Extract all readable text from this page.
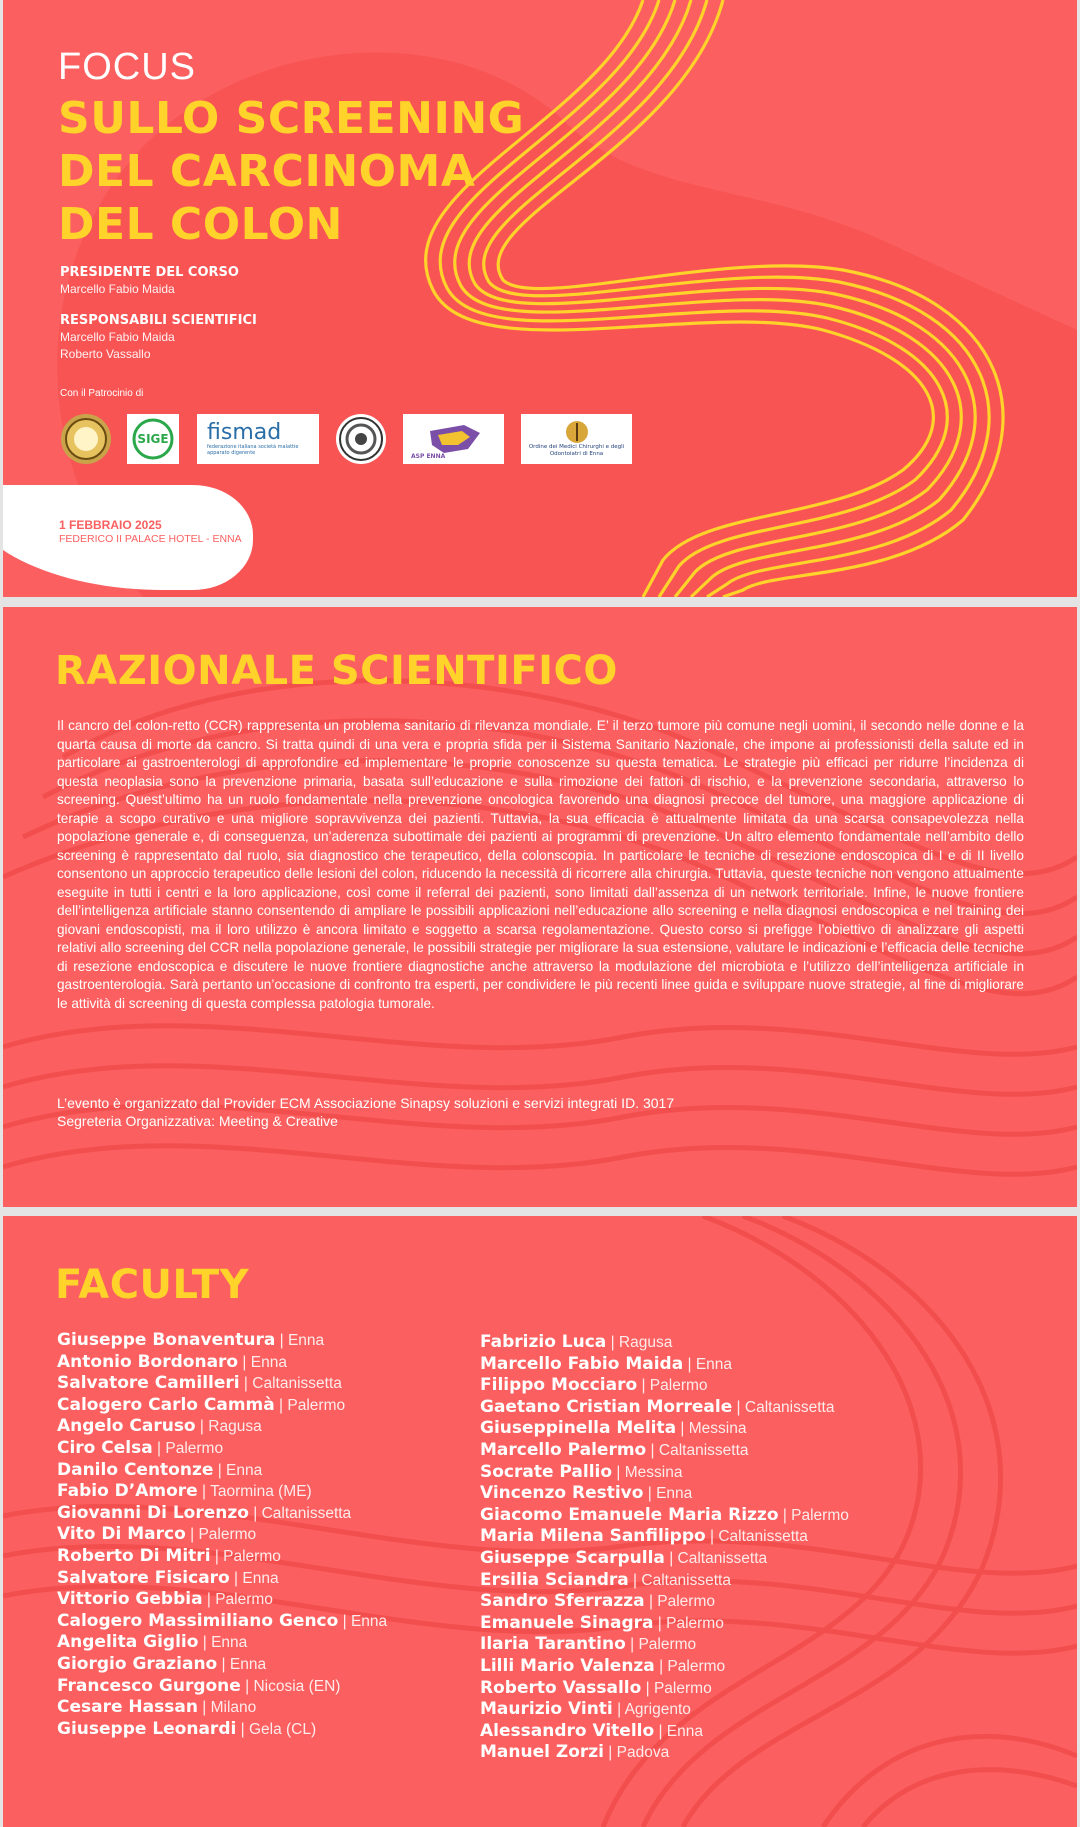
FOCUS
SULLO SCREENING
DEL CARCINOMA
DEL COLON
PRESIDENTE DEL CORSO
Marcello Fabio Maida
RESPONSABILI SCIENTIFICI
Marcello Fabio Maida
Roberto Vassallo
Con il Patrocinio di
SIGE fismad
federazione italiana società malattie apparato digerente	ASP ENNA
Ordine dei Medici Chirurghi e degli Odontoiatri di Enna
1 FEBBRAIO 2025
FEDERICO II PALACE HOTEL - ENNA
RAZIONALE SCIENTIFICO

Il cancro del colon-retto (CCR) rappresenta un problema sanitario di rilevanza mondiale. E’ il terzo tumore più comune negli uomini, il secondo nelle donne e la quarta causa di morte da cancro. Si tratta quindi di una vera e propria sfida per il Sistema Sanitario Nazionale, che impone ai professionisti della salute ed in particolare ai gastroenterologi di approfondire ed implementare le proprie conoscenze su questa tematica. Le strategie più efficaci per ridurre l’incidenza di questa neoplasia sono la prevenzione primaria, basata sull’educazione e sulla rimozione dei fattori di rischio, e la prevenzione secondaria, attraverso lo screening. Quest’ultimo ha un ruolo fondamentale nella prevenzione oncologica favorendo una diagnosi precoce del tumore, una maggiore applicazione di terapie a scopo curativo e una migliore sopravvivenza dei pazienti. Tuttavia, la sua efficacia è attualmente limitata da una scarsa consapevolezza nella popolazione generale e, di conseguenza, un’aderenza subottimale dei pazienti ai programmi di prevenzione. Un altro elemento fondamentale nell’ambito dello screening è rappresentato dal ruolo, sia diagnostico che terapeutico, della colonscopia. In particolare le tecniche di resezione endoscopica di I e di II livello consentono un approccio terapeutico delle lesioni del colon, riducendo la necessità di ricorrere alla chirurgia. Tuttavia, queste tecniche non vengono attualmente eseguite in tutti i centri e la loro applicazione, così come il referral dei pazienti, sono limitati dall’assenza di un network territoriale. Infine, le nuove frontiere dell’intelligenza artificiale stanno consentendo di ampliare le possibili applicazioni nell’educazione allo screening e nella diagnosi endoscopica e nel training dei giovani endoscopisti, ma il loro utilizzo è ancora limitato e soggetto a scarsa regolamentazione. Questo corso si prefigge l’obiettivo di analizzare gli aspetti relativi allo screening del CCR nella popolazione generale, le possibili strategie per migliorare la sua estensione, valutare le indicazioni e l’efficacia delle tecniche di resezione endoscopica e discutere le nuove frontiere diagnostiche anche attraverso la modulazione del microbiota e l’utilizzo dell’intelligenza artificiale in gastroenterologia. Sarà pertanto un’occasione di confronto tra esperti, per condividere le più recenti linee guida e sviluppare nuove strategie, al fine di migliorare le attività di screening di questa complessa patologia tumorale.

L’evento è organizzato dal Provider ECM Associazione Sinapsy soluzioni e servizi integrati ID. 3017
Segreteria Organizzativa: Meeting & Creative
FACULTY
Giuseppe Bonaventura | Enna
Antonio Bordonaro | Enna
Salvatore Camilleri | Caltanissetta
Calogero Carlo Cammà | Palermo
Angelo Caruso | Ragusa
Ciro Celsa | Palermo
Danilo Centonze | Enna
Fabio D’Amore | Taormina (ME)
Giovanni Di Lorenzo | Caltanissetta
Vito Di Marco | Palermo
Roberto Di Mitri | Palermo
Salvatore Fisicaro | Enna
Vittorio Gebbia | Palermo
Calogero Massimiliano Genco | Enna
Angelita Giglio | Enna
Giorgio Graziano | Enna
Francesco Gurgone | Nicosia (EN)
Cesare Hassan | Milano
Giuseppe Leonardi | Gela (CL)
Fabrizio Luca | Ragusa
Marcello Fabio Maida | Enna
Filippo Mocciaro | Palermo
Gaetano Cristian Morreale | Caltanissetta
Giuseppinella Melita | Messina
Marcello Palermo | Caltanissetta
Socrate Pallio | Messina
Vincenzo Restivo | Enna
Giacomo Emanuele Maria Rizzo | Palermo
Maria Milena Sanfilippo | Caltanissetta
Giuseppe Scarpulla | Caltanissetta
Ersilia Sciandra | Caltanissetta
Sandro Sferrazza | Palermo
Emanuele Sinagra | Palermo
Ilaria Tarantino | Palermo
Lilli Mario Valenza | Palermo
Roberto Vassallo | Palermo
Maurizio Vinti | Agrigento
Alessandro Vitello | Enna
Manuel Zorzi | Padova
